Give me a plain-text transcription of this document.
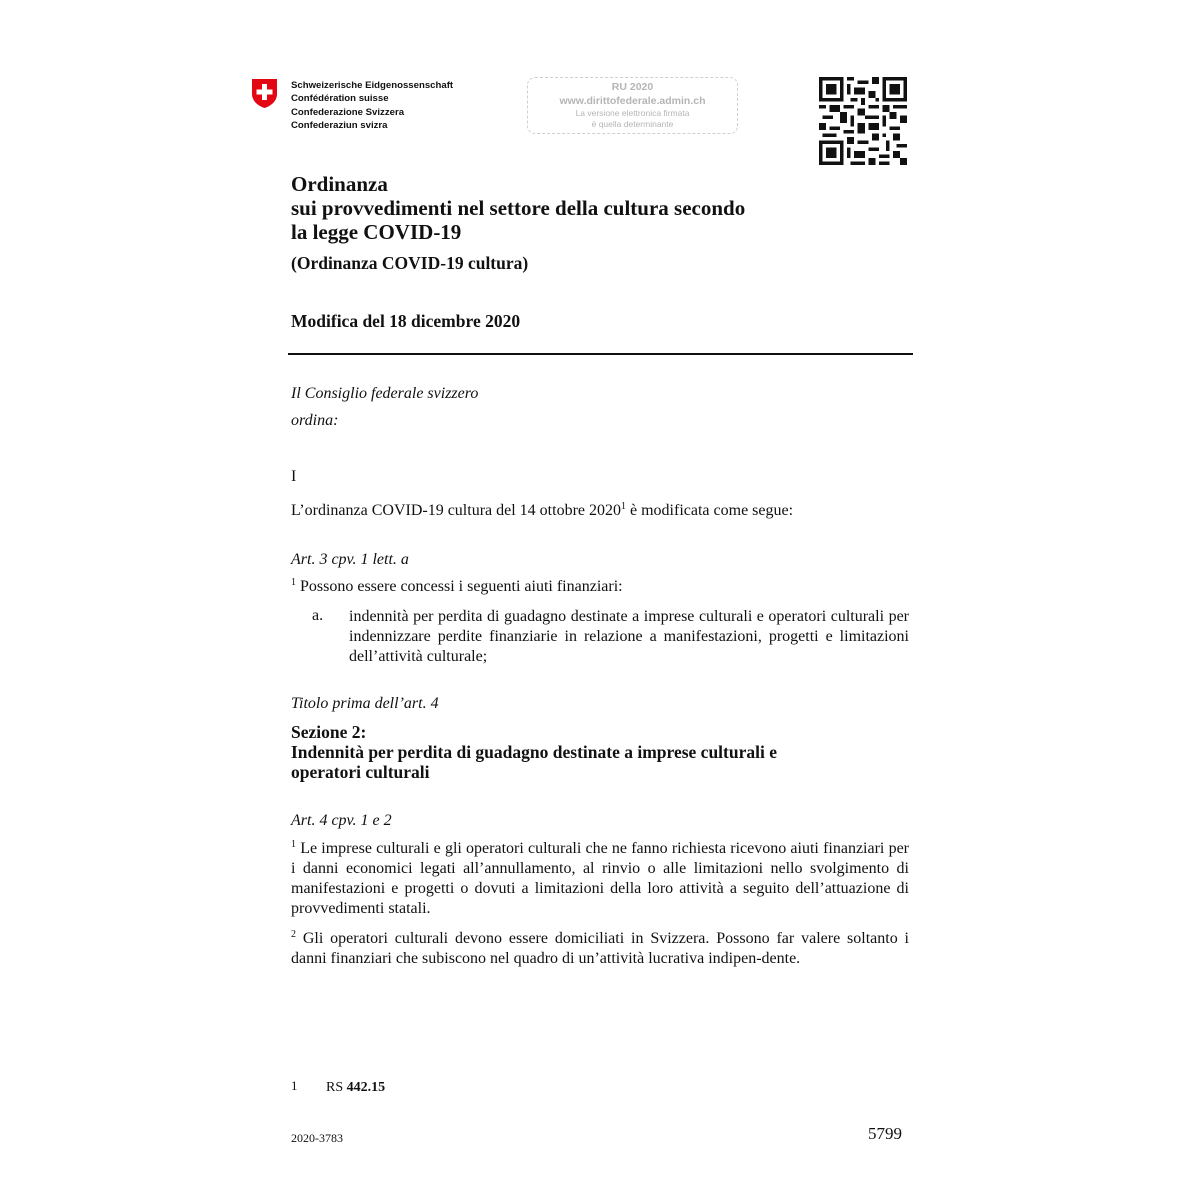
Schweizerische Eidgenossenschaft
Confédération suisse
Confederazione Svizzera
Confederaziun svizra
RU 2020
www.dirittofederale.admin.ch
La versione elettronica firmata
è quella determinante
Ordinanza
sui provvedimenti nel settore della cultura secondo
la legge COVID-19
(Ordinanza COVID-19 cultura)
Modifica del 18 dicembre 2020
Il Consiglio federale svizzero
ordina:
I
L’ordinanza COVID-19 cultura del 14 ottobre 2020$^1$ è modificata come segue:
Art. 3 cpv. 1 lett. a
$^1$ Possono essere concessi i seguenti aiuti finanziari:
a. indennità per perdita di guadagno destinate a imprese culturali e operatori culturali per indennizzare perdite finanziarie in relazione a manifestazioni, progetti e limitazioni dell’attività culturale;
Titolo prima dell’art. 4
Sezione 2:
Indennità per perdita di guadagno destinate a imprese culturali e
operatori culturali
Art. 4 cpv. 1 e 2
$^1$ Le imprese culturali e gli operatori culturali che ne fanno richiesta ricevono aiuti finanziari per i danni economici legati all’annullamento, al rinvio o alle limitazioni nello svolgimento di manifestazioni e progetti o dovuti a limitazioni della loro attività a seguito dell’attuazione di provvedimenti statali.
$^2$ Gli operatori culturali devono essere domiciliati in Svizzera. Possono far valere soltanto i danni finanziari che subiscono nel quadro di un’attività lucrativa indipen-dente.
1 RS 442.15
2020-3783	5799
